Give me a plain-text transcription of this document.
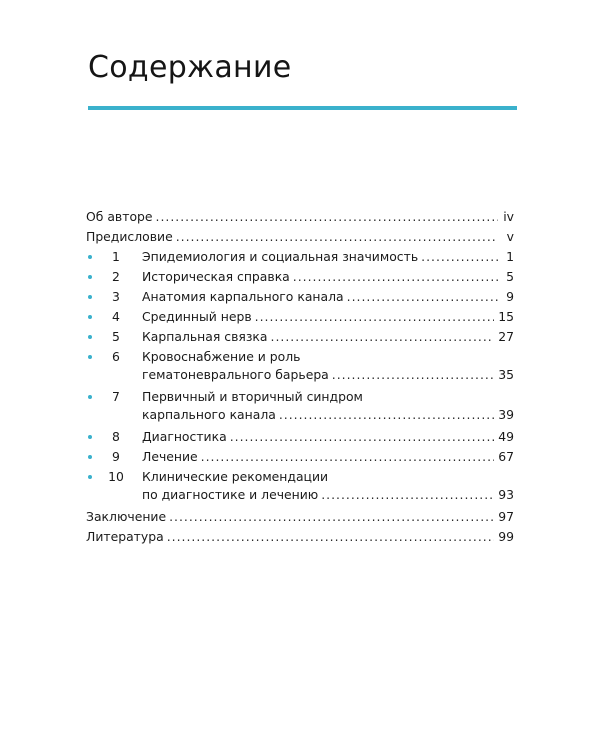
Содержание
Об авторе .....	iv
Предисловие .....	v
1	Эпидемиология и социальная значимость .....	1
2	Историческая справка .....	5
3	Анатомия карпального канала .....	9
4	Срединный нерв .....	15
5	Карпальная связка .....	27
6	Кровоснабжение и роль
гематоневрального барьера .....	35
7	Первичный и вторичный синдром
карпального канала .....	39
8	Диагностика .....	49
9	Лечение .....	67
10	Клинические рекомендации
по диагностике и лечению .....	93
Заключение .....	97
Литература .....	99
